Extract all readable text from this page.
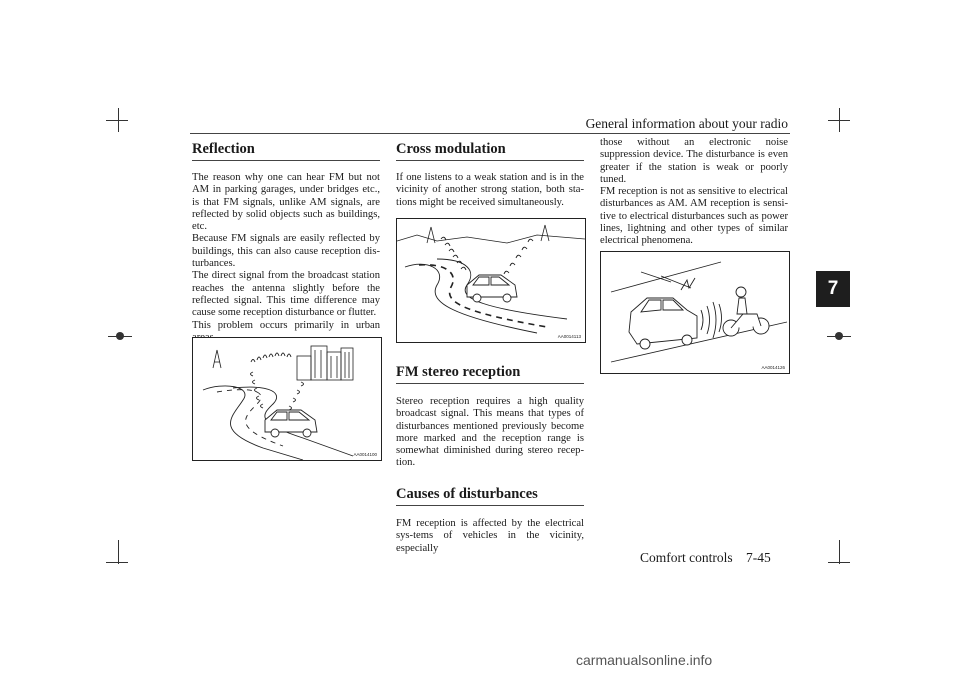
General information about your radio
7
Reflection

The reason why one can hear FM but not AM in parking garages, under bridges etc., is that FM signals, unlike AM signals, are reflected by solid objects such as buildings, etc.

Because FM signals are easily reflected by buildings, this can also cause reception dis-turbances.

The direct signal from the broadcast station reaches the antenna slightly before the reflected signal. This time difference may cause some reception disturbance or flutter.

This problem occurs primarily in urban

AA0014100
Cross modulation

If one listens to a weak station and is in the vicinity of another strong station, both sta-tions might be received simultaneously.

AA0014113
FM stereo reception

Stereo reception requires a high quality broadcast signal. This means that types of disturbances mentioned previously become more marked and the reception range is somewhat diminished during stereo recep-tion.

Causes of disturbances

FM reception is affected by the electrical sys-tems of vehicles in the vicinity, especially

those without an electronic noise suppression device. The disturbance is even greater if the station is weak or poorly tuned.

FM reception is not as sensitive to electrical disturbances as AM. AM reception is sensi-tive to electrical disturbances such as power lines, lightning and other types of similar electrical phenomena.

AA0014126
Comfort controls 7-45
carmanualsonline.info
